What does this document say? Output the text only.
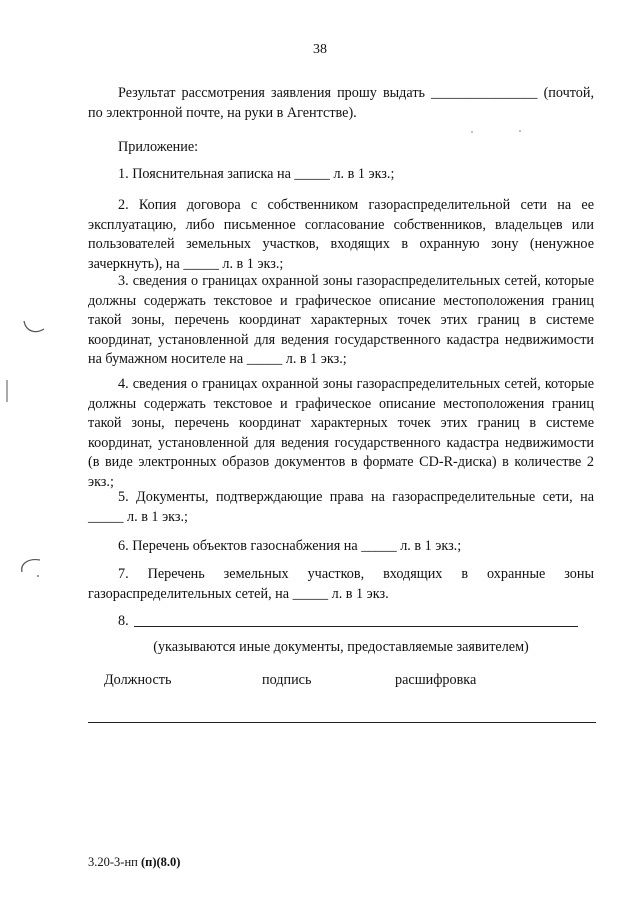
38
Результат рассмотрения заявления прошу выдать _______________ (почтой, по электронной почте, на руки в Агентстве).
Приложение:
1. Пояснительная записка на _____ л. в 1 экз.;
2. Копия договора с собственником газораспределительной сети на ее эксплуатацию, либо письменное согласование собственников, владельцев или пользователей земельных участков, входящих в охранную зону (ненужное зачеркнуть), на _____ л. в 1 экз.;
3. сведения о границах охранной зоны газораспределительных сетей, которые должны содержать текстовое и графическое описание местоположения границ такой зоны, перечень координат характерных точек этих границ в системе координат, установленной для ведения государственного кадастра недвижимости на бумажном носителе на _____ л. в 1 экз.;
4. сведения о границах охранной зоны газораспределительных сетей, которые должны содержать текстовое и графическое описание местоположения границ такой зоны, перечень координат характерных точек этих границ в системе координат, установленной для ведения государственного кадастра недвижимости (в виде электронных образов документов в формате CD-R-диска) в количестве 2 экз.;
5. Документы, подтверждающие права на газораспределительные сети, на _____ л. в 1 экз.;
6. Перечень объектов газоснабжения на _____ л. в 1 экз.;
7. Перечень земельных участков, входящих в охранные зоны газораспределительных сетей, на _____ л. в 1 экз.
8.
(указываются иные документы, предоставляемые заявителем)
Должность	подпись	расшифровка
3.20-3-нп (п)(8.0)
